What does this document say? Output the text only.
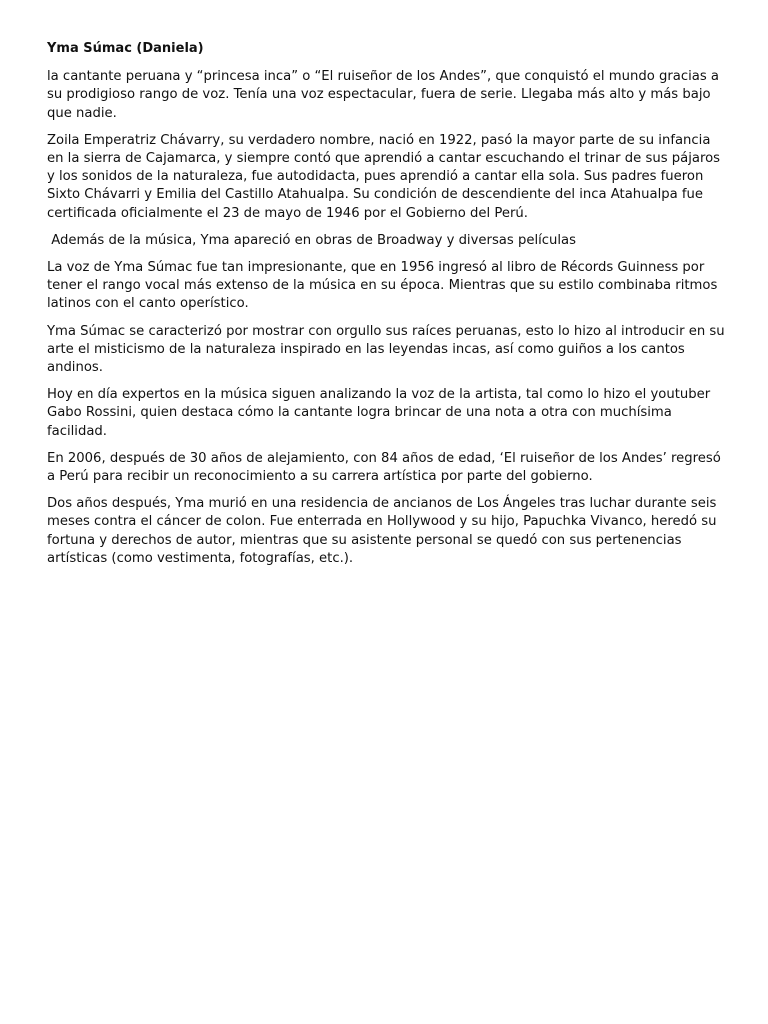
Yma Súmac (Daniela)

la cantante peruana y “princesa inca” o “El ruiseñor de los Andes”, que conquistó el mundo gracias a su prodigioso rango de voz. Tenía una voz espectacular, fuera de serie. Llegaba más alto y más bajo que nadie.

Zoila Emperatriz Chávarry, su verdadero nombre, nació en 1922, pasó la mayor parte de su infancia en la sierra de Cajamarca, y siempre contó que aprendió a cantar escuchando el trinar de sus pájaros y los sonidos de la naturaleza, fue autodidacta, pues aprendió a cantar ella sola. Sus padres fueron Sixto Chávarri y Emilia del Castillo Atahualpa. Su condición de descendiente del inca Atahualpa fue certificada oficialmente el 23 de mayo de 1946 por el Gobierno del Perú.

Además de la música, Yma apareció en obras de Broadway y diversas películas

La voz de Yma Súmac fue tan impresionante, que en 1956 ingresó al libro de Récords Guinness por tener el rango vocal más extenso de la música en su época. Mientras que su estilo combinaba ritmos latinos con el canto operístico.

Yma Súmac se caracterizó por mostrar con orgullo sus raíces peruanas, esto lo hizo al introducir en su arte el misticismo de la naturaleza inspirado en las leyendas incas, así como guiños a los cantos andinos.

Hoy en día expertos en la música siguen analizando la voz de la artista, tal como lo hizo el youtuber Gabo Rossini, quien destaca cómo la cantante logra brincar de una nota a otra con muchísima facilidad.

En 2006, después de 30 años de alejamiento, con 84 años de edad, ‘El ruiseñor de los Andes’ regresó a Perú para recibir un reconocimiento a su carrera artística por parte del gobierno.

Dos años después, Yma murió en una residencia de ancianos de Los Ángeles tras luchar durante seis meses contra el cáncer de colon. Fue enterrada en Hollywood y su hijo, Papuchka Vivanco, heredó su fortuna y derechos de autor, mientras que su asistente personal se quedó con sus pertenencias artísticas (como vestimenta, fotografías, etc.).
